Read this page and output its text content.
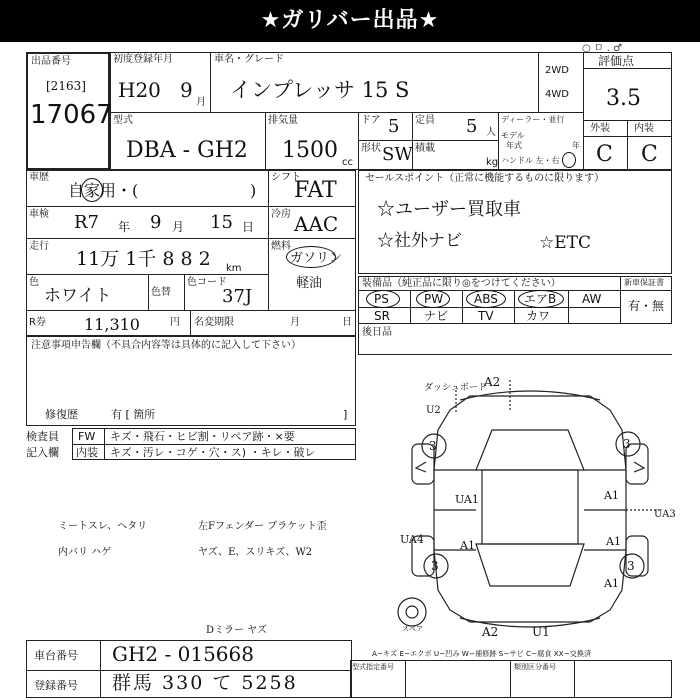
★ガリバー出品★
出品番号
[2163]
17067
初度登録年月
H20 9
月
車名・グレード
インプレッサ 15 S
2WD
4WD
評価点
3.5
外装 内装
C C
型式
DBA - GH2
排気量
1500 cc
ドア 5
形状 SW
定員 5 人
積載
kg
ディーラー・並行
モデル
年式	年
ハンドル 左・右
車歴
自家用・(	)
シフト
FAT
車検 R7 年 9 月 15 日
冷房 AAC
走行
11万 1千 8 8 2 km
燃料
ガソリン
軽油
色
ホワイト	色替
色コード
37J
R券 11,310	円 名変期限	月	日
セールスポイント（正常に機能するものに限ります）
☆ユーザー買取車
☆社外ナビ	☆ETC
装備品（純正品に限り◎をつけてください）	新車保証書
有・無
PS	PW	ABS エアB AW
SR	ナビ TV	カワ
後日品
注意事項申告欄（不具合内容等は具体的に記入して下さい）
修復歴	有 [ 箇所	]
検査員
記入欄
FW キズ・飛石・ヒビ割・リペア跡・×要
内装 キズ・汚レ・コゲ・穴・ス) ・キレ・破レ
ミートスレ、ヘタリ
内バリ ハゲ
左Fフェンダー ブラケット歪
ヤズ、E、スリキズ、W2
Dミラー ヤズ
車台番号 GH2 - 015668
登録番号 群馬 330 て 5258
A−キズ E−エクボ U−凹み W−補修跡 S−サビ C−腐食 XX−交換済
型式指定番号	類別区分番号
○ ㅁ . ♂
ダッシュボード
A2
U2
3	3
3	3
UA1
A1
UA4
A1
A1
A1
UA3
A2	U1
スペア
